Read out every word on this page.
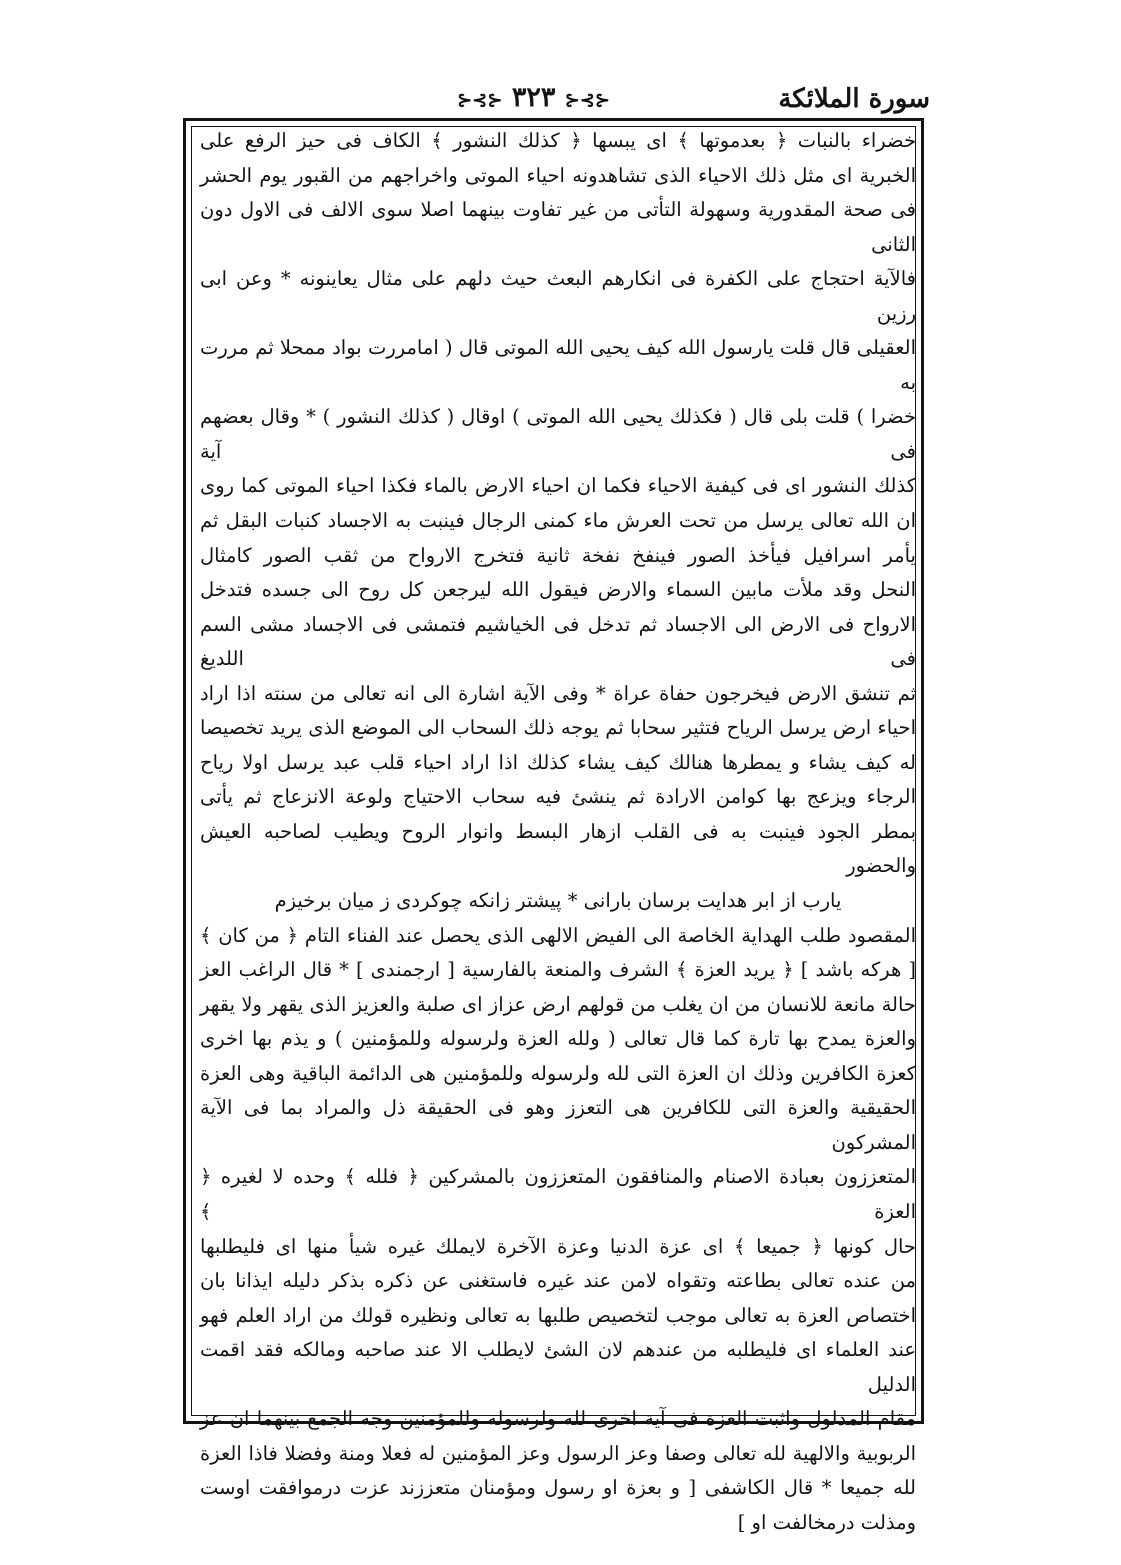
سورة الملائكة
⊰⊱⊰ ٣٢٣ ⊰⊱⊰

خضراء بالنبات ﴿ بعدموتها ﴾ اى يبسها ﴿ كذلك النشور ﴾ الكاف فى حيز الرفع على

الخبرية اى مثل ذلك الاحياء الذى تشاهدونه احياء الموتى واخراجهم من القبور يوم الحشر

فى صحة المقدورية وسهولة التأتى من غير تفاوت بينهما اصلا سوى الالف فى الاول دون الثانى

فالآية احتجاج على الكفرة فى انكارهم البعث حيث دلهم على مثال يعاينونه * وعن ابى رزين

العقيلى قال قلت يارسول الله كيف يحيى الله الموتى قال ( امامررت بواد ممحلا ثم مررت به

خضرا ) قلت بلى قال ( فكذلك يحيى الله الموتى ) اوقال ( كذلك النشور ) * وقال بعضهم فى آية

كذلك النشور اى فى كيفية الاحياء فكما ان احياء الارض بالماء فكذا احياء الموتى كما روى

ان الله تعالى يرسل من تحت العرش ماء كمنى الرجال فينبت به الاجساد كنبات البقل ثم

يأمر اسرافيل فيأخذ الصور فينفخ نفخة ثانية فتخرج الارواح من ثقب الصور كامثال

النحل وقد ملأت مابين السماء والارض فيقول الله ليرجعن كل روح الى جسده فتدخل

الارواح فى الارض الى الاجساد ثم تدخل فى الخياشيم فتمشى فى الاجساد مشى السم فى اللديغ

ثم تنشق الارض فيخرجون حفاة عراة * وفى الآية اشارة الى انه تعالى من سنته اذا اراد

احياء ارض يرسل الرياح فتثير سحابا ثم يوجه ذلك السحاب الى الموضع الذى يريد تخصيصا

له كيف يشاء و يمطرها هنالك كيف يشاء كذلك اذا اراد احياء قلب عبد يرسل اولا رياح

الرجاء ويزعج بها كوامن الارادة ثم ينشئ فيه سحاب الاحتياج ولوعة الانزعاج ثم يأتى

بمطر الجود فينبت به فى القلب ازهار البسط وانوار الروح ويطيب لصاحبه العيش والحضور

يارب از ابر هدايت برسان بارانى * پيشتر زانكه چوكردى ز ميان برخيزم

المقصود طلب الهداية الخاصة الى الفيض الالهى الذى يحصل عند الفناء التام ﴿ من كان ﴾

[ هركه باشد ] ﴿ يريد العزة ﴾ الشرف والمنعة بالفارسية [ ارجمندى ] * قال الراغب العز

حالة مانعة للانسان من ان يغلب من قولهم ارض عزاز اى صلبة والعزيز الذى يقهر ولا يقهر

والعزة يمدح بها تارة كما قال تعالى ( ولله العزة ولرسوله وللمؤمنين ) و يذم بها اخرى

كعزة الكافرين وذلك ان العزة التى لله ولرسوله وللمؤمنين هى الدائمة الباقية وهى العزة

الحقيقية والعزة التى للكافرين هى التعزز وهو فى الحقيقة ذل والمراد بما فى الآية المشركون

المتعززون بعبادة الاصنام والمنافقون المتعززون بالمشركين ﴿ فلله ﴾ وحده لا لغيره ﴿ العزة ﴾

حال كونها ﴿ جميعا ﴾ اى عزة الدنيا وعزة الآخرة لايملك غيره شيأ منها اى فليطلبها

من عنده تعالى بطاعته وتقواه لامن عند غيره فاستغنى عن ذكره بذكر دليله ايذانا بان

اختصاص العزة به تعالى موجب لتخصيص طلبها به تعالى ونظيره قولك من اراد العلم فهو

عند العلماء اى فليطلبه من عندهم لان الشئ لايطلب الا عند صاحبه ومالكه فقد اقمت الدليل

مقام المدلول واثبت العزة فى آية اخرى لله ولرسوله وللمؤمنين وجه الجمع بينهما ان عز

الربوبية والالهية لله تعالى وصفا وعز الرسول وعز المؤمنين له فعلا ومنة وفضلا فاذا العزة

لله جميعا * قال الكاشفى [ و بعزة او رسول ومؤمنان متعززند عزت درموافقت اوست

ومذلت درمخالفت او ]
